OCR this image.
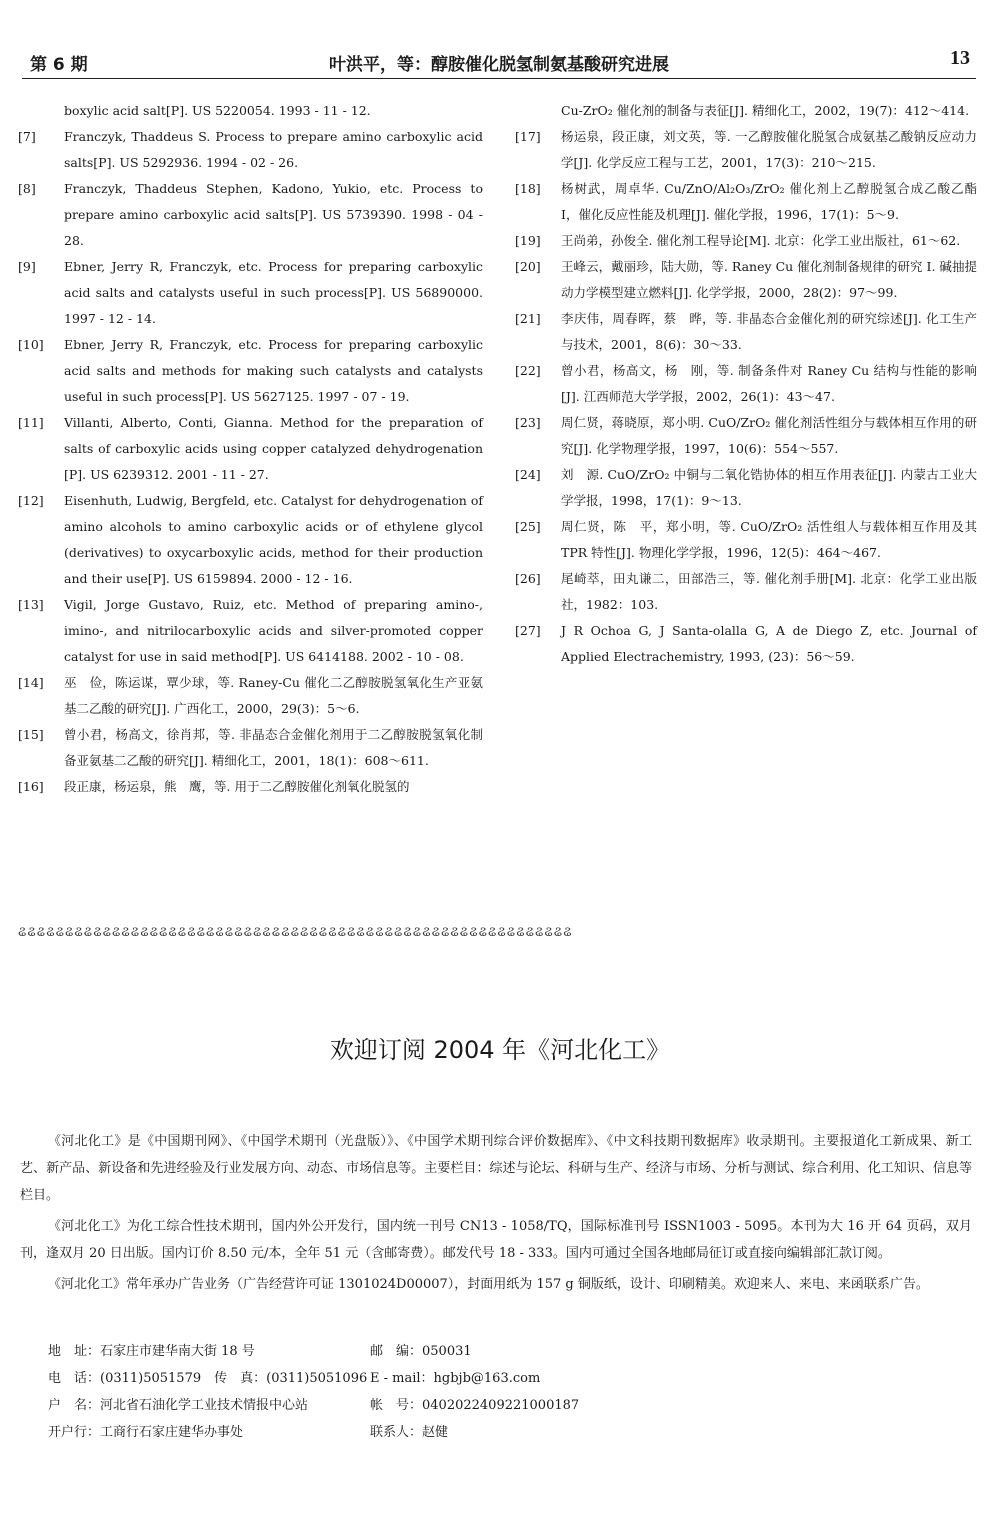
第 6 期	叶洪平，等：醇胺催化脱氢制氨基酸研究进展	13
boxylic acid salt[P]. US 5220054. 1993 - 11 - 12.
[7]	Franczyk, Thaddeus S. Process to prepare amino carboxylic acid salts[P]. US 5292936. 1994 - 02 - 26.
[8]	Franczyk, Thaddeus Stephen, Kadono, Yukio, etc. Process to prepare amino carboxylic acid salts[P]. US 5739390. 1998 - 04 - 28.
[9]	Ebner, Jerry R, Franczyk, etc. Process for preparing carboxylic acid salts and catalysts useful in such process[P]. US 56890000. 1997 - 12 - 14.
[10]	Ebner, Jerry R, Franczyk, etc. Process for preparing carboxylic acid salts and methods for making such catalysts and catalysts useful in such process[P]. US 5627125. 1997 - 07 - 19.
[11]	Villanti, Alberto, Conti, Gianna. Method for the preparation of salts of carboxylic acids using copper catalyzed dehydrogenation [P]. US 6239312. 2001 - 11 - 27.
[12]	Eisenhuth, Ludwig, Bergfeld, etc. Catalyst for dehydrogenation of amino alcohols to amino carboxylic acids or of ethylene glycol (derivatives) to oxycarboxylic acids, method for their production and their use[P]. US 6159894. 2000 - 12 - 16.
[13]	Vigil, Jorge Gustavo, Ruiz, etc. Method of preparing amino-, imino-, and nitrilocarboxylic acids and silver-promoted copper catalyst for use in said method[P]. US 6414188. 2002 - 10 - 08.
[14]	巫　俭，陈运谋，覃少球，等. Raney-Cu 催化二乙醇胺脱氢氧化生产亚氨基二乙酸的研究[J]. 广西化工，2000，29(3)：5～6.
[15]	曾小君，杨高文，徐肖邦，等. 非晶态合金催化剂用于二乙醇胺脱氢氧化制备亚氨基二乙酸的研究[J]. 精细化工，2001，18(1)：608～611.
[16]	段正康，杨运泉，熊　鹰，等. 用于二乙醇胺催化剂氧化脱氢的
Cu-ZrO₂ 催化剂的制备与表征[J]. 精细化工，2002，19(7)：412～414.
[17]	杨运泉，段正康，刘文英，等. 一乙醇胺催化脱氢合成氨基乙酸钠反应动力学[J]. 化学反应工程与工艺，2001，17(3)：210～215.
[18]	杨树武，周卓华. Cu/ZnO/Al₂O₃/ZrO₂ 催化剂上乙醇脱氢合成乙酸乙酯 I，催化反应性能及机理[J]. 催化学报，1996，17(1)：5～9.
[19]	王尚弟，孙俊全. 催化剂工程导论[M]. 北京：化学工业出版社，61～62.
[20]	王峰云，戴丽珍，陆大勋，等. Raney Cu 催化剂制备规律的研究 I. 碱抽提动力学模型建立燃料[J]. 化学学报，2000，28(2)：97～99.
[21]	李庆伟，周春晖，蔡　晔，等. 非晶态合金催化剂的研究综述[J]. 化工生产与技术，2001，8(6)：30～33.
[22]	曾小君，杨高文，杨　刚，等. 制备条件对 Raney Cu 结构与性能的影响[J]. 江西师范大学学报，2002，26(1)：43～47.
[23]	周仁贤，蒋晓原，郑小明. CuO/ZrO₂ 催化剂活性组分与载体相互作用的研究[J]. 化学物理学报，1997，10(6)：554～557.
[24]	刘　源. CuO/ZrO₂ 中铜与二氧化锆协体的相互作用表征[J]. 内蒙古工业大学学报，1998，17(1)：9～13.
[25]	周仁贤，陈　平，郑小明，等. CuO/ZrO₂ 活性组人与载体相互作用及其 TPR 特性[J]. 物理化学学报，1996，12(5)：464～467.
[26]	尾崎萃，田丸谦二，田部浩三，等. 催化剂手册[M]. 北京：化学工业出版社，1982：103.
[27]	J R Ochoa G, J Santa-olalla G, A de Diego Z, etc. Journal of Applied Electrachemistry, 1993, (23)：56～59.
ଌଌଌଌଌଌଌଌଌଌଌଌଌଌଌଌଌଌଌଌଌଌଌଌଌଌଌଌଌଌଌଌଌଌଌଌଌଌଌଌଌଌଌଌଌଌଌଌଌଌଌଌଌଌଌଌଌଌଌ
欢迎订阅 2004 年《河北化工》

《河北化工》是《中国期刊网》、《中国学术期刊（光盘版）》、《中国学术期刊综合评价数据库》、《中文科技期刊数据库》收录期刊。主要报道化工新成果、新工艺、新产品、新设备和先进经验及行业发展方向、动态、市场信息等。主要栏目：综述与论坛、科研与生产、经济与市场、分析与测试、综合利用、化工知识、信息等栏目。

《河北化工》为化工综合性技术期刊，国内外公开发行，国内统一刊号 CN13 - 1058/TQ，国际标准刊号 ISSN1003 - 5095。本刊为大 16 开 64 页码，双月刊，逢双月 20 日出版。国内订价 8.50 元/本，全年 51 元（含邮寄费）。邮发代号 18 - 333。国内可通过全国各地邮局征订或直接向编辑部汇款订阅。

《河北化工》常年承办广告业务（广告经营许可证 1301024D00007），封面用纸为 157 g 铜版纸，设计、印刷精美。欢迎来人、来电、来函联系广告。

地　址：石家庄市建华南大街 18 号	邮　编：050031
电　话：(0311)5051579　传　真：(0311)5051096 E - mail：hgbjb@163.com
户　名：河北省石油化学工业技术情报中心站	帐　号：0402022409221000187
开户行：工商行石家庄建华办事处	联系人：赵健
